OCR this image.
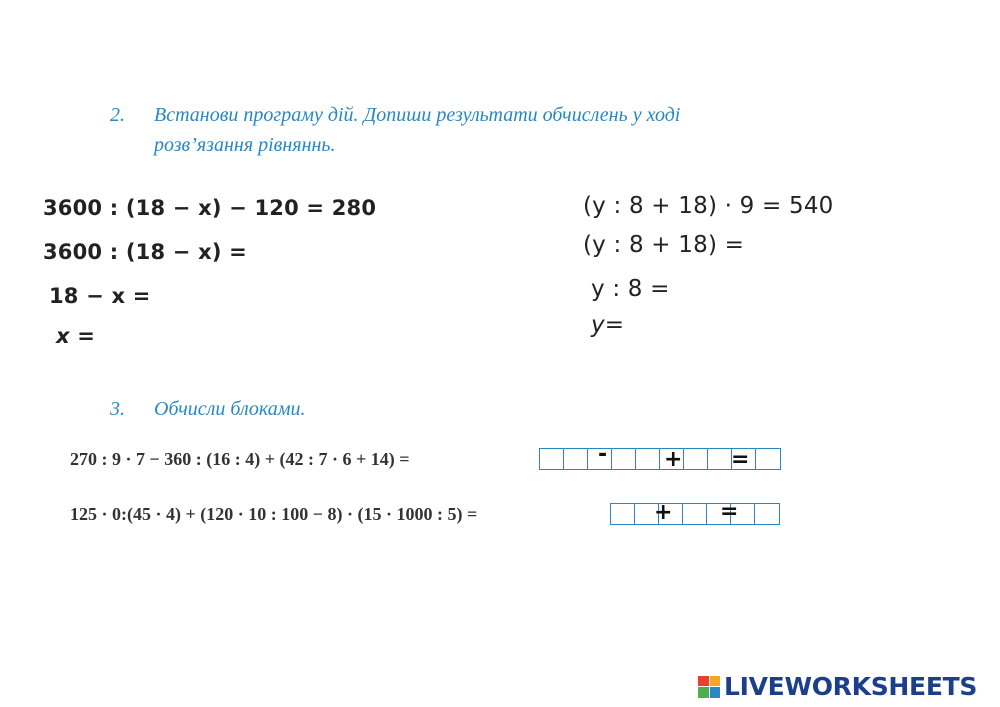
2. Встанови програму дій. Допиши результати обчислень у ході
розв’язання рівняннь.
3600 : (18 − x) − 120 = 280
3600 : (18 − x) =
18 − x =
x =
(y : 8 + 18) · 9 = 540
(y : 8 + 18) =
y : 8 =
y=
3. Обчисли блоками.
270 : 9 · 7 − 360 : (16 : 4) + (42 : 7 · 6 + 14) =	-	+ =
125 · 0:(45 · 4) + (120 · 10 : 100 − 8) · (15 · 1000 : 5) =	+ =
LIVEWORKSHEETS
